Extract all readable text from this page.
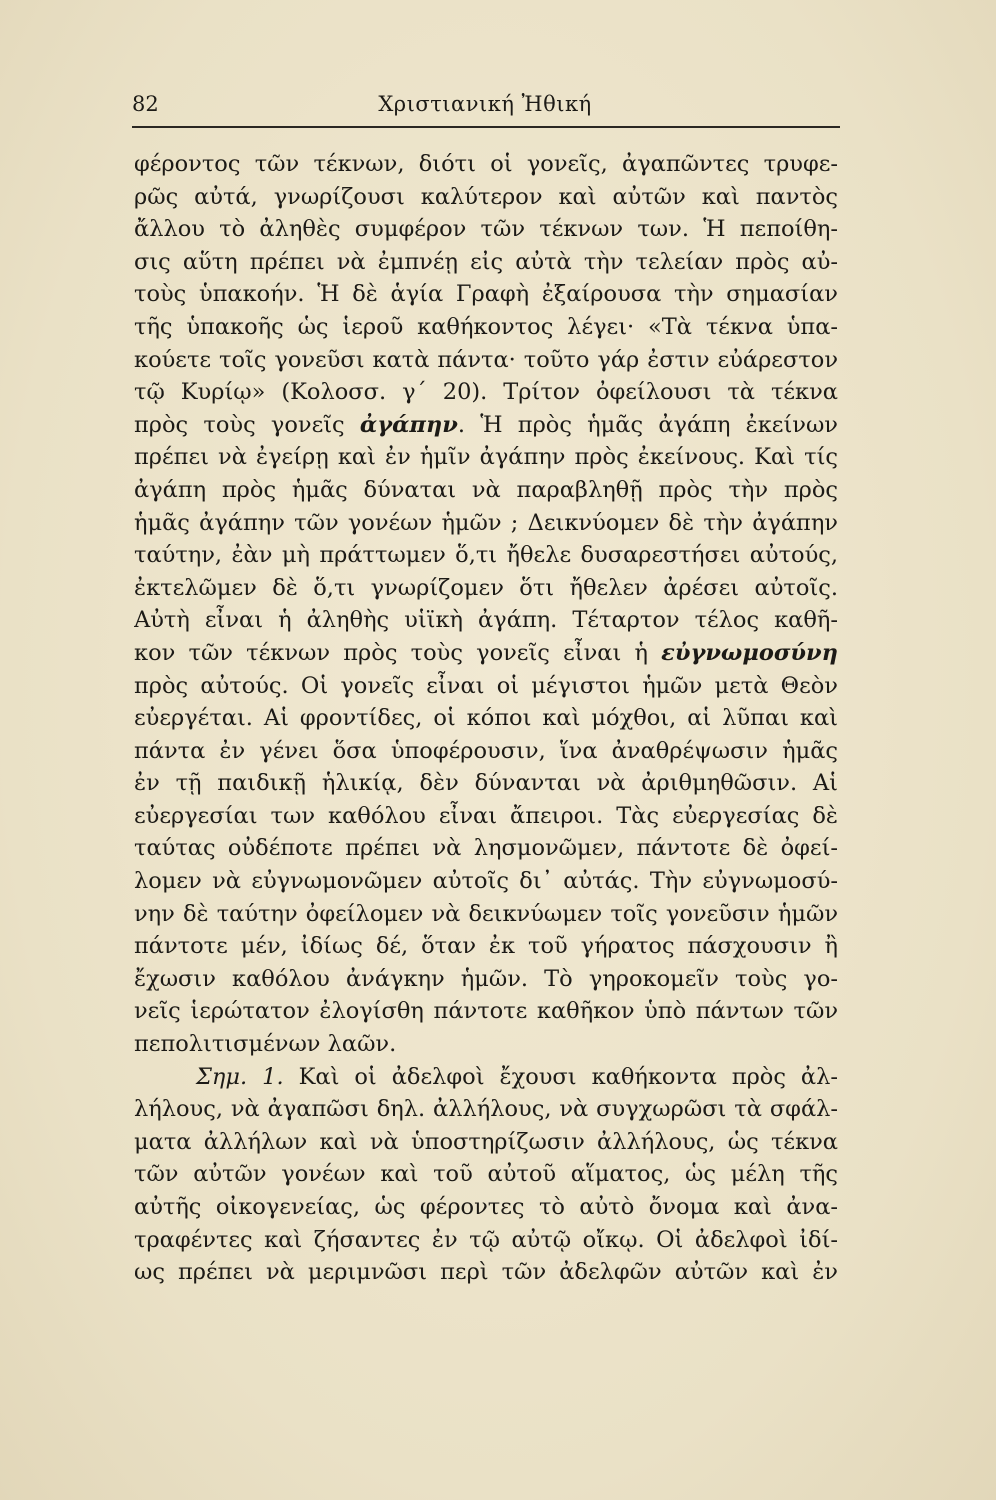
82	Χριστιανική Ἠθική
φέροντος τῶν τέκνων, διότι οἱ γονεῖς, ἀγαπῶντες τρυφε-
ρῶς αὐτά, γνωρίζουσι καλύτερον καὶ αὐτῶν καὶ παντὸς
ἄλλου τὸ ἀληθὲς συμφέρον τῶν τέκνων των. Ἡ πεποίθη-
σις αὕτη πρέπει νὰ ἐμπνέῃ εἰς αὐτὰ τὴν τελείαν πρὸς αὐ-
τοὺς ὑπακοήν. Ἡ δὲ ἁγία Γραφὴ ἐξαίρουσα τὴν σημασίαν
τῆς ὑπακοῆς ὡς ἱεροῦ καθήκοντος λέγει· «Τὰ τέκνα ὑπα-
κούετε τοῖς γονεῦσι κατὰ πάντα· τοῦτο γάρ ἐστιν εὐάρεστον
τῷ Κυρίῳ» (Κολοσσ. γ´ 20). Τρίτον ὀφείλουσι τὰ τέκνα
πρὸς τοὺς γονεῖς ἀγάπην. Ἡ πρὸς ἡμᾶς ἀγάπη ἐκείνων
πρέπει νὰ ἐγείρῃ καὶ ἐν ἡμῖν ἀγάπην πρὸς ἐκείνους. Καὶ τίς
ἀγάπη πρὸς ἡμᾶς δύναται νὰ παραβληθῇ πρὸς τὴν πρὸς
ἡμᾶς ἀγάπην τῶν γονέων ἡμῶν ; Δεικνύομεν δὲ τὴν ἀγάπην
ταύτην, ἐὰν μὴ πράττωμεν ὅ,τι ἤθελε δυσαρεστήσει αὐτούς,
ἐκτελῶμεν δὲ ὅ,τι γνωρίζομεν ὅτι ἤθελεν ἀρέσει αὐτοῖς.
Αὐτὴ εἶναι ἡ ἀληθὴς υἱϊκὴ ἀγάπη. Τέταρτον τέλος καθῆ-
κον τῶν τέκνων πρὸς τοὺς γονεῖς εἶναι ἡ εὐγνωμοσύνη
πρὸς αὐτούς. Οἱ γονεῖς εἶναι οἱ μέγιστοι ἡμῶν μετὰ Θεὸν
εὐεργέται. Αἱ φροντίδες, οἱ κόποι καὶ μόχθοι, αἱ λῦπαι καὶ
πάντα ἐν γένει ὅσα ὑποφέρουσιν, ἵνα ἀναθρέψωσιν ἡμᾶς
ἐν τῇ παιδικῇ ἡλικίᾳ, δὲν δύνανται νὰ ἀριθμηθῶσιν. Αἱ
εὐεργεσίαι των καθόλου εἶναι ἄπειροι. Τὰς εὐεργεσίας δὲ
ταύτας οὐδέποτε πρέπει νὰ λησμονῶμεν, πάντοτε δὲ ὀφεί-
λομεν νὰ εὐγνωμονῶμεν αὐτοῖς δι᾽ αὐτάς. Τὴν εὐγνωμοσύ-
νην δὲ ταύτην ὀφείλομεν νὰ δεικνύωμεν τοῖς γονεῦσιν ἡμῶν
πάντοτε μέν, ἰδίως δέ, ὅταν ἐκ τοῦ γήρατος πάσχουσιν ἢ
ἔχωσιν καθόλου ἀνάγκην ἡμῶν. Τὸ γηροκομεῖν τοὺς γο-
νεῖς ἱερώτατον ἐλογίσθη πάντοτε καθῆκον ὑπὸ πάντων τῶν
πεπολιτισμένων λαῶν.
Σημ. 1. Καὶ οἱ ἀδελφοὶ ἔχουσι καθήκοντα πρὸς ἀλ-
λήλους, νὰ ἀγαπῶσι δηλ. ἀλλήλους, νὰ συγχωρῶσι τὰ σφάλ-
ματα ἀλλήλων καὶ νὰ ὑποστηρίζωσιν ἀλλήλους, ὡς τέκνα
τῶν αὐτῶν γονέων καὶ τοῦ αὐτοῦ αἵματος, ὡς μέλη τῆς
αὐτῆς οἰκογενείας, ὡς φέροντες τὸ αὐτὸ ὄνομα καὶ ἀνα-
τραφέντες καὶ ζήσαντες ἐν τῷ αὐτῷ οἴκῳ. Οἱ ἀδελφοὶ ἰδί-
ως πρέπει νὰ μεριμνῶσι περὶ τῶν ἀδελφῶν αὐτῶν καὶ ἐν
